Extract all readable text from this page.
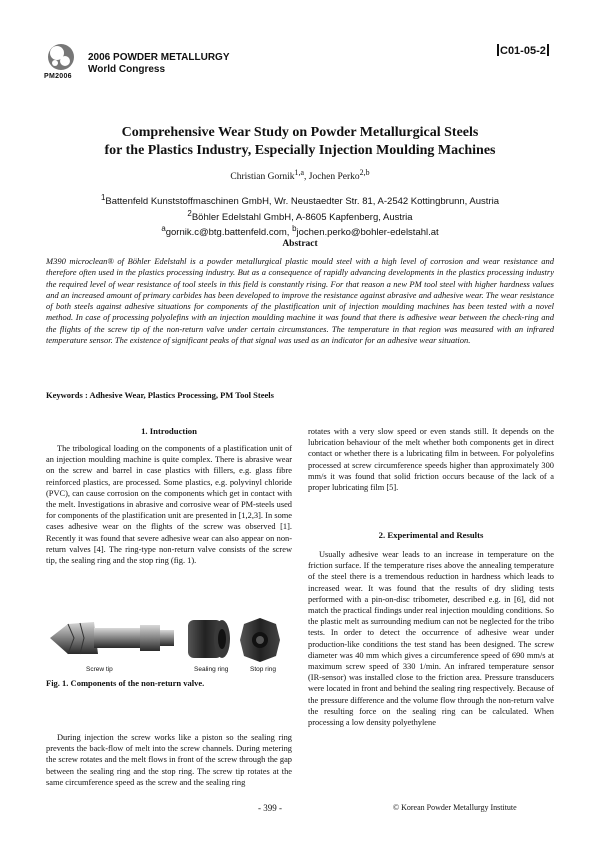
2006 POWDER METALLURGY
World Congress
PM2006
C01-05-2
Comprehensive Wear Study on Powder Metallurgical Steels
for the Plastics Industry, Especially Injection Moulding Machines
Christian Gornik$^{1,a}$, Jochen Perko$^{2,b}$
$^1$Battenfeld Kunststoffmaschinen GmbH, Wr. Neustaedter Str. 81, A-2542 Kottingbrunn, Austria
$^2$Böhler Edelstahl GmbH, A-8605 Kapfenberg, Austria
$^a$gornik.c@btg.battenfeld.com, $^b$jochen.perko@bohler-edelstahl.at
Abstract

M390 microclean® of Böhler Edelstahl is a powder metallurgical plastic mould steel with a high level of corrosion and wear resistance and therefore often used in the plastics processing industry. But as a consequence of rapidly advancing developments in the plastics processing industry the required level of wear resistance of tool steels in this field is constantly rising. For that reason a new PM tool steel with higher hardness values and an increased amount of primary carbides has been developed to improve the resistance against abrasive and adhesive wear. The wear resistance of both steels against adhesive situations for components of the plastification unit of injection moulding machines has been tested with a novel method. In case of processing polyolefins with an injection moulding machine it was found that there is adhesive wear between the check-ring and the flights of the screw tip of the non-return valve under certain circumstances. The temperature in that region was measured with an infrared temperature sensor. The existence of significant peaks of that signal was used as an indicator for an adhesive wear situation.

Keywords : Adhesive Wear, Plastics Processing, PM Tool Steels
1. Introduction

The tribological loading on the components of a plastification unit of an injection moulding machine is quite complex. There is abrasive wear on the screw and barrel in case plastics with fillers, e.g. glass fibre reinforced plastics, are processed. Some plastics, e.g. polyvinyl chloride (PVC), can cause corrosion on the components which get in contact with the melt. Investigations in abrasive and corrosive wear of PM-steels used for components of the plastification unit are presented in [1,2,3]. In some cases adhesive wear on the flights of the screw was observed [1]. Recently it was found that severe adhesive wear can also appear on non-return valves [4]. The ring-type non-return valve consists of the screw tip, the sealing ring and the stop ring (fig. 1).

Screw tip	Sealing ring	Stop ring
Fig. 1. Components of the non-return valve.

During injection the screw works like a piston so the sealing ring prevents the back-flow of melt into the screw channels. During metering the screw rotates and the melt flows in front of the screw through the gap between the sealing ring and the stop ring. The screw tip rotates at the same circumference speed as the screw and the sealing ring

rotates with a very slow speed or even stands still. It depends on the lubrication behaviour of the melt whether both components get in direct contact or whether there is a lubricating film in between. For polyolefins processed at screw circumference speeds higher than approximately 300 mm/s it was found that solid friction occurs because of the lack of a proper lubricating film [5].

2. Experimental and Results

Usually adhesive wear leads to an increase in temperature on the friction surface. If the temperature rises above the annealing temperature of the steel there is a tremendous reduction in hardness which leads to increased wear. It was found that the results of dry sliding tests performed with a pin-on-disc tribometer, described e.g. in [6], did not match the practical findings under real injection moulding conditions. So the plastic melt as surrounding medium can not be neglected for the tribo tests. In order to detect the occurrence of adhesive wear under production-like conditions the test stand has been designed. The screw diameter was 40 mm which gives a circumference speed of 690 mm/s at maximum screw speed of 330 1/min. An infrared temperature sensor (IR-sensor) was installed close to the friction area. Pressure transducers were located in front and behind the sealing ring respectively. Because of the pressure difference and the volume flow through the non-return valve the resulting force on the sealing ring can be calculated. When processing a low density polyethylene

- 399 -	© Korean Powder Metallurgy Institute
